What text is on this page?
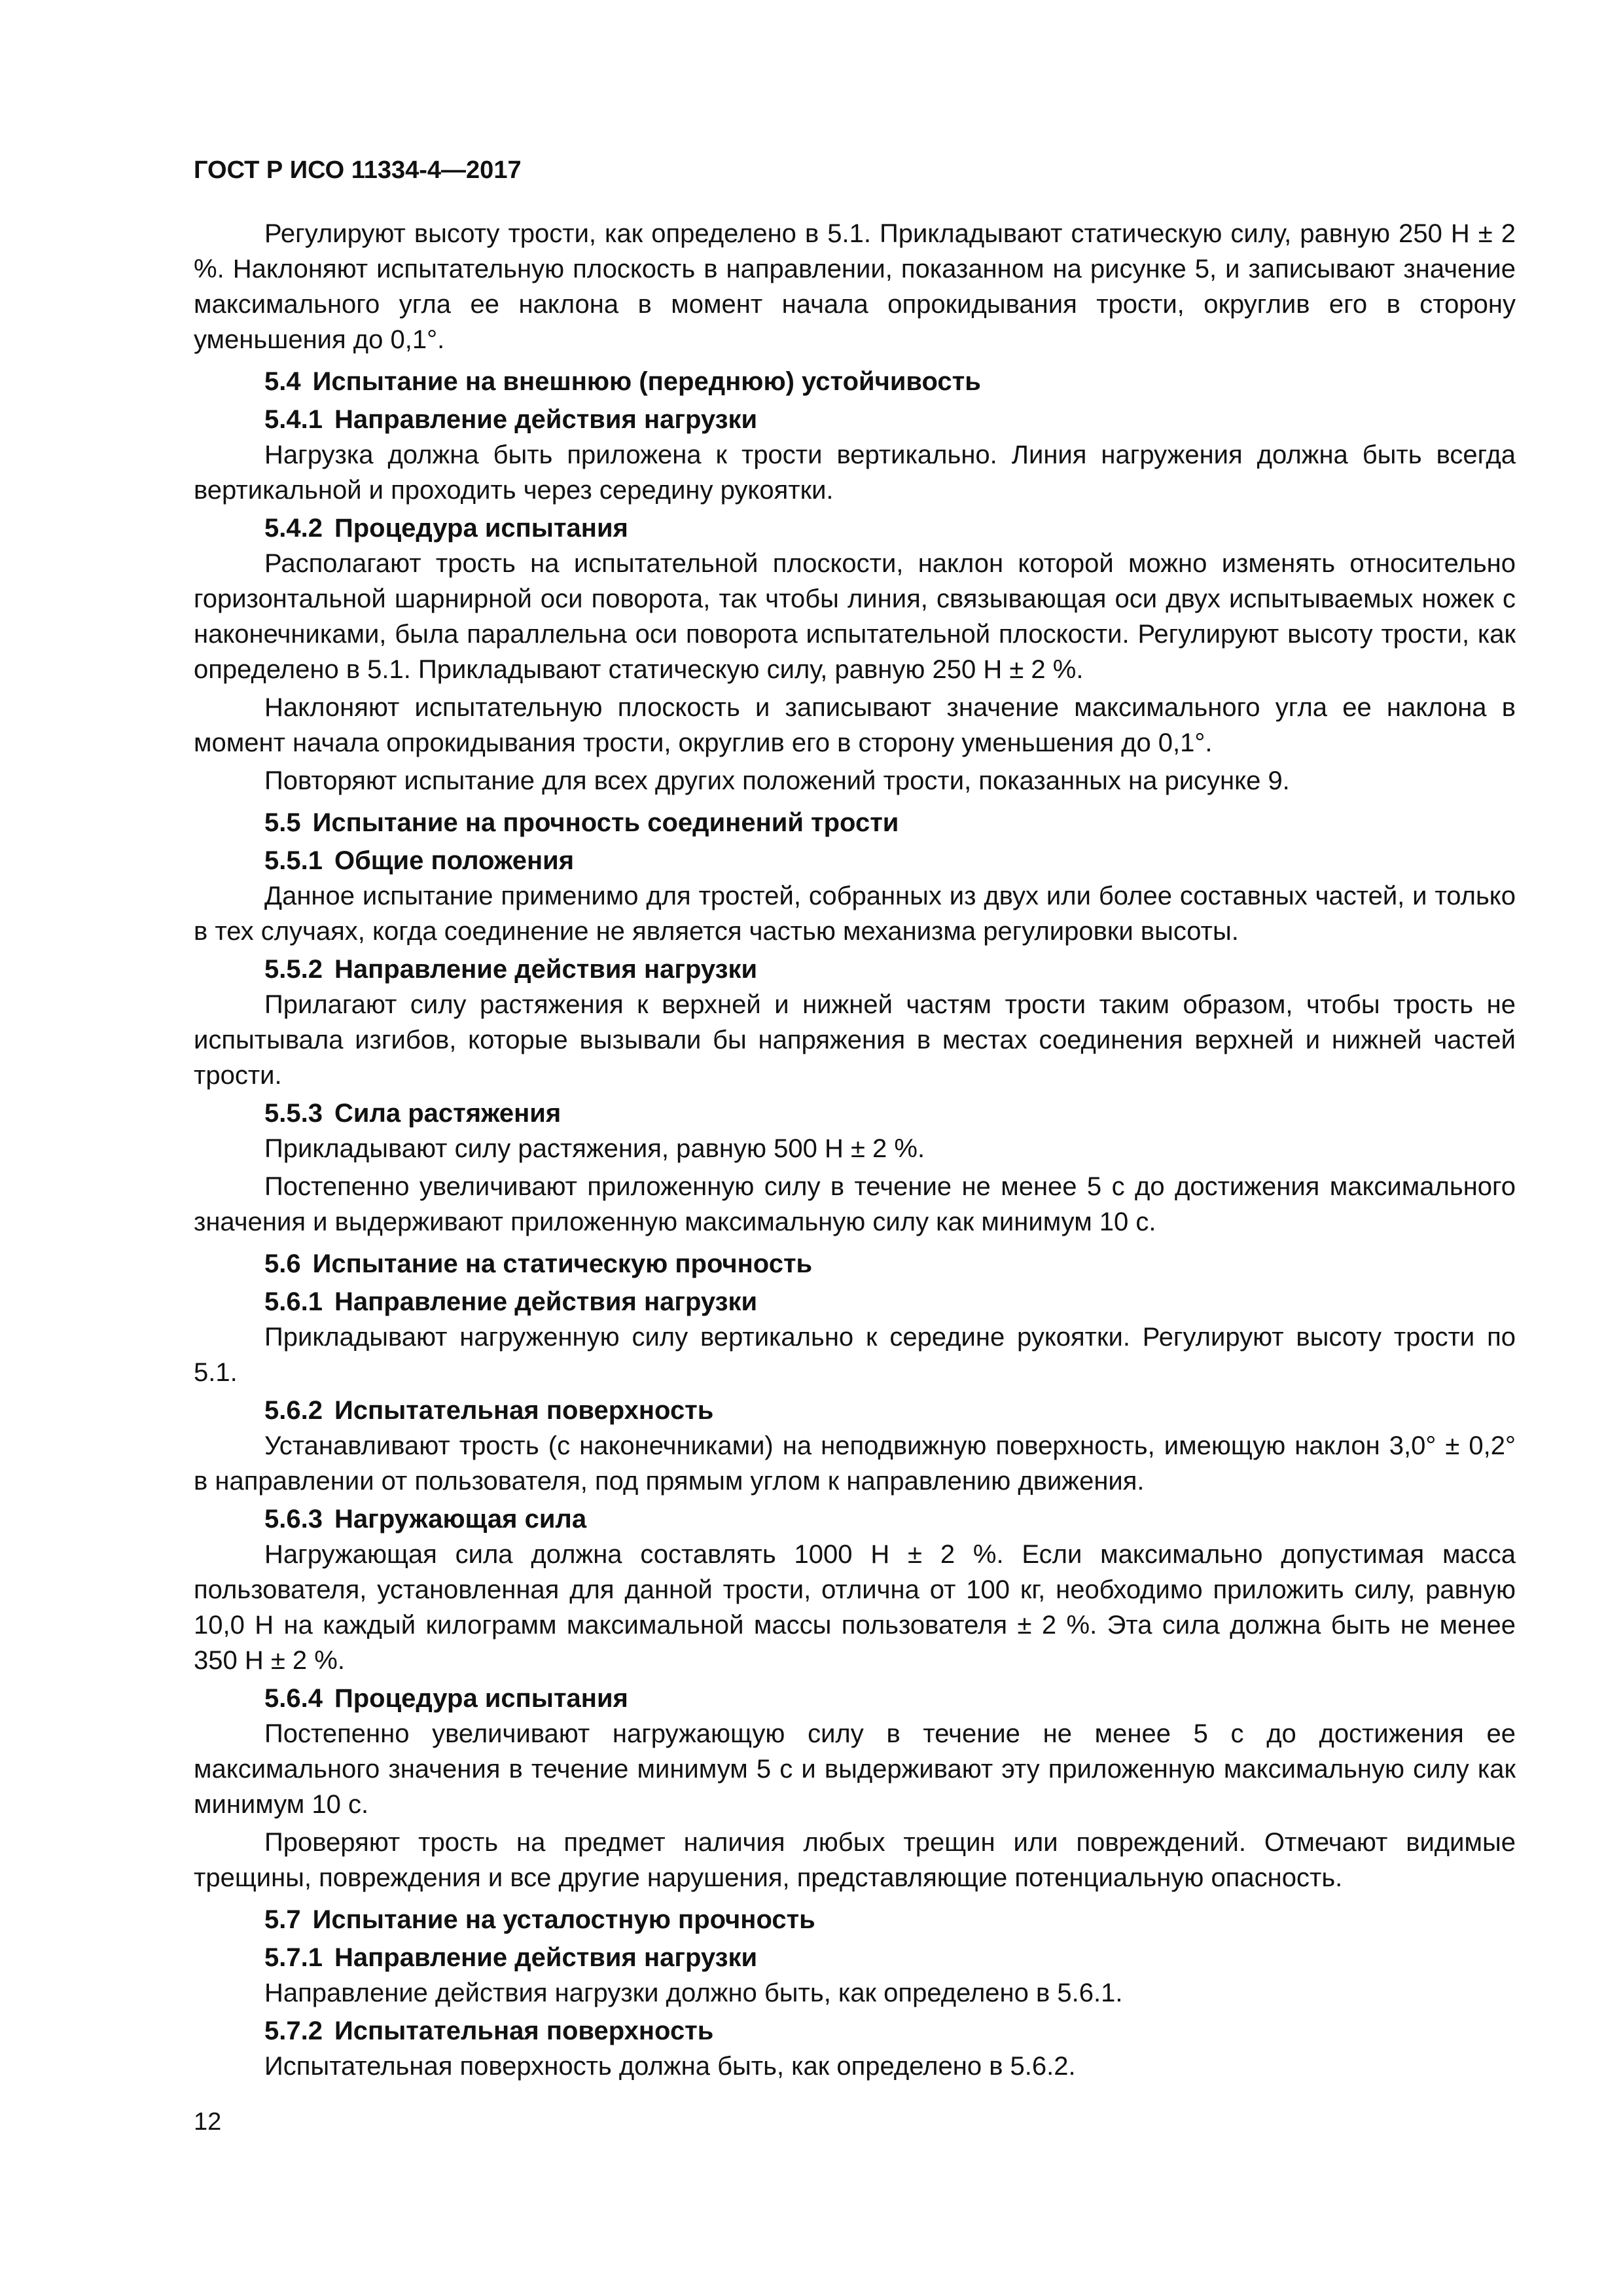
ГОСТ Р ИСО 11334-4—2017

Регулируют высоту трости, как определено в 5.1. Прикладывают статическую силу, равную 250 Н ± 2 %. Наклоняют испытательную плоскость в направлении, показанном на рисунке 5, и записывают значение максимального угла ее наклона в момент начала опрокидывания трости, округлив его в сторону уменьшения до 0,1°.

5.4 Испытание на внешнюю (переднюю) устойчивость
5.4.1 Направление действия нагрузки

Нагрузка должна быть приложена к трости вертикально. Линия нагружения должна быть всегда вертикальной и проходить через середину рукоятки.

5.4.2 Процедура испытания

Располагают трость на испытательной плоскости, наклон которой можно изменять относительно горизонтальной шарнирной оси поворота, так чтобы линия, связывающая оси двух испытываемых ножек с наконечниками, была параллельна оси поворота испытательной плоскости. Регулируют высоту трости, как определено в 5.1. Прикладывают статическую силу, равную 250 Н ± 2 %.

Наклоняют испытательную плоскость и записывают значение максимального угла ее наклона в момент начала опрокидывания трости, округлив его в сторону уменьшения до 0,1°.

Повторяют испытание для всех других положений трости, показанных на рисунке 9.

5.5 Испытание на прочность соединений трости
5.5.1 Общие положения

Данное испытание применимо для тростей, собранных из двух или более составных частей, и только в тех случаях, когда соединение не является частью механизма регулировки высоты.

5.5.2 Направление действия нагрузки

Прилагают силу растяжения к верхней и нижней частям трости таким образом, чтобы трость не испытывала изгибов, которые вызывали бы напряжения в местах соединения верхней и нижней частей трости.

5.5.3 Сила растяжения

Прикладывают силу растяжения, равную 500 Н ± 2 %.

Постепенно увеличивают приложенную силу в течение не менее 5 с до достижения максимального значения и выдерживают приложенную максимальную силу как минимум 10 с.

5.6 Испытание на статическую прочность
5.6.1 Направление действия нагрузки

Прикладывают нагруженную силу вертикально к середине рукоятки. Регулируют высоту трости по 5.1.

5.6.2 Испытательная поверхность

Устанавливают трость (с наконечниками) на неподвижную поверхность, имеющую наклон 3,0° ± 0,2° в направлении от пользователя, под прямым углом к направлению движения.

5.6.3 Нагружающая сила

Нагружающая сила должна составлять 1000 Н ± 2 %. Если максимально допустимая масса пользователя, установленная для данной трости, отлична от 100 кг, необходимо приложить силу, равную 10,0 Н на каждый килограмм максимальной массы пользователя ± 2 %. Эта сила должна быть не менее 350 Н ± 2 %.

5.6.4 Процедура испытания

Постепенно увеличивают нагружающую силу в течение не менее 5 с до достижения ее максимального значения в течение минимум 5 с и выдерживают эту приложенную максимальную силу как минимум 10 с.

Проверяют трость на предмет наличия любых трещин или повреждений. Отмечают видимые трещины, повреждения и все другие нарушения, представляющие потенциальную опасность.

5.7 Испытание на усталостную прочность
5.7.1 Направление действия нагрузки

Направление действия нагрузки должно быть, как определено в 5.6.1.

5.7.2 Испытательная поверхность

Испытательная поверхность должна быть, как определено в 5.6.2.

12
